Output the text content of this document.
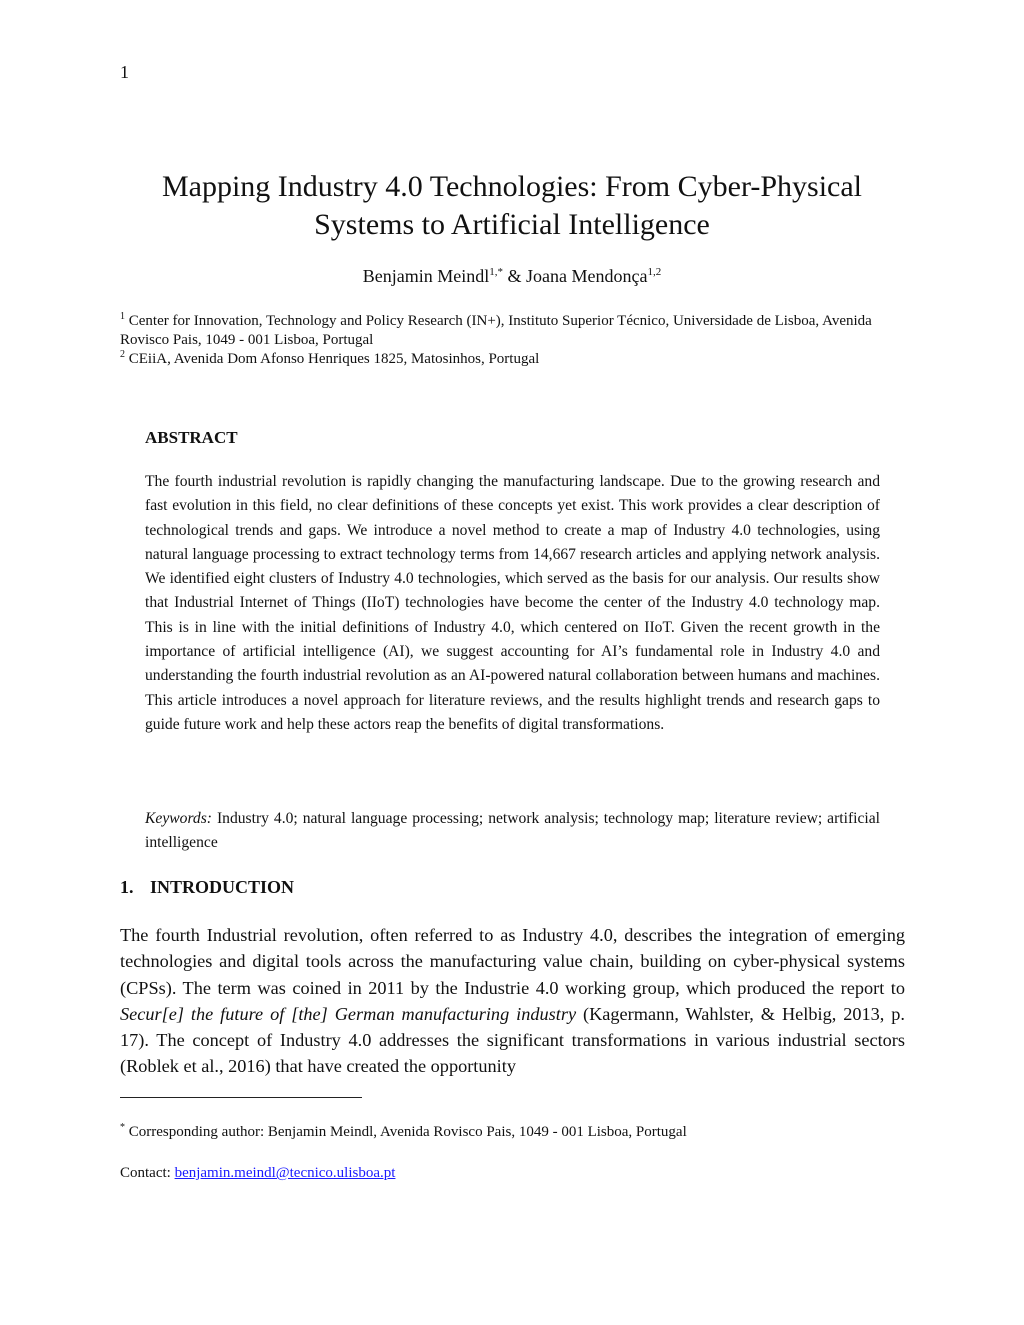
1
Mapping Industry 4.0 Technologies: From Cyber-Physical
Systems to Artificial Intelligence
Benjamin Meindl$^{1,*}$ & Joana Mendonça$^{1,2}$

$^1$ Center for Innovation, Technology and Policy Research (IN+), Instituto Superior Técnico, Universidade de Lisboa, Avenida Rovisco Pais, 1049 - 001 Lisboa, Portugal

$^2$ CEiiA, Avenida Dom Afonso Henriques 1825, Matosinhos, Portugal

ABSTRACT

The fourth industrial revolution is rapidly changing the manufacturing landscape. Due to the growing research and fast evolution in this field, no clear definitions of these concepts yet exist. This work provides a clear description of technological trends and gaps. We introduce a novel method to create a map of Industry 4.0 technologies, using natural language processing to extract technology terms from 14,667 research articles and applying network analysis. We identified eight clusters of Industry 4.0 technologies, which served as the basis for our analysis. Our results show that Industrial Internet of Things (IIoT) technologies have become the center of the Industry 4.0 technology map. This is in line with the initial definitions of Industry 4.0, which centered on IIoT. Given the recent growth in the importance of artificial intelligence (AI), we suggest accounting for AI’s fundamental role in Industry 4.0 and understanding the fourth industrial revolution as an AI-powered natural collaboration between humans and machines. This article introduces a novel approach for literature reviews, and the results highlight trends and research gaps to guide future work and help these actors reap the benefits of digital transformations.

Keywords: Industry 4.0; natural language processing; network analysis; technology map; literature review; artificial intelligence

1. INTRODUCTION

The fourth Industrial revolution, often referred to as Industry 4.0, describes the integration of emerging technologies and digital tools across the manufacturing value chain, building on cyber-physical systems (CPSs). The term was coined in 2011 by the Industrie 4.0 working group, which produced the report to Secur[e] the future of [the] German manufacturing industry (Kagermann, Wahlster, & Helbig, 2013, p. 17). The concept of Industry 4.0 addresses the significant transformations in various industrial sectors (Roblek et al., 2016) that have created the opportunity

* Corresponding author: Benjamin Meindl, Avenida Rovisco Pais, 1049 - 001 Lisboa, Portugal
Contact: benjamin.meindl@tecnico.ulisboa.pt
